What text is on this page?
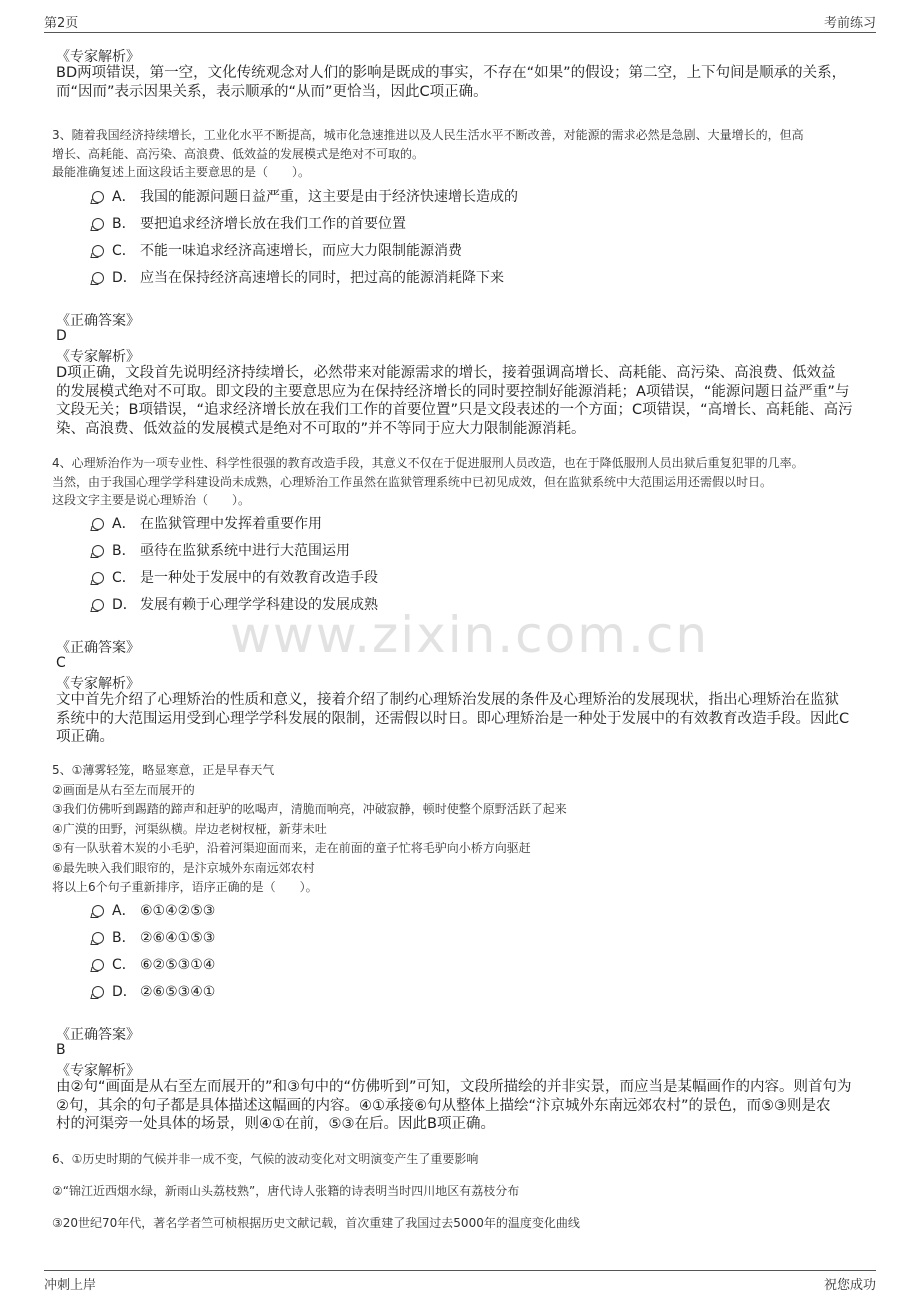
第2页	考前练习
www.zixin.com.cn
《专家解析》
BD两项错误，第一空，文化传统观念对人们的影响是既成的事实，不存在“如果”的假设；第二空，上下句间是顺承的关系，
而“因而”表示因果关系，表示顺承的“从而”更恰当，因此C项正确。
3、随着我国经济持续增长，工业化水平不断提高，城市化急速推进以及人民生活水平不断改善，对能源的需求必然是急剧、大量增长的，但高
增长、高耗能、高污染、高浪费、低效益的发展模式是绝对不可取的。
最能准确复述上面这段话主要意思的是（　　）。
A． 我国的能源问题日益严重，这主要是由于经济快速增长造成的
B． 要把追求经济增长放在我们工作的首要位置
C． 不能一味追求经济高速增长，而应大力限制能源消费
D． 应当在保持经济高速增长的同时，把过高的能源消耗降下来
《正确答案》
D
《专家解析》
D项正确，文段首先说明经济持续增长，必然带来对能源需求的增长，接着强调高增长、高耗能、高污染、高浪费、低效益
的发展模式绝对不可取。即文段的主要意思应为在保持经济增长的同时要控制好能源消耗；A项错误，“能源问题日益严重”与
文段无关；B项错误，“追求经济增长放在我们工作的首要位置”只是文段表述的一个方面；C项错误，“高增长、高耗能、高污
染、高浪费、低效益的发展模式是绝对不可取的”并不等同于应大力限制能源消耗。
4、心理矫治作为一项专业性、科学性很强的教育改造手段，其意义不仅在于促进服刑人员改造，也在于降低服刑人员出狱后重复犯罪的几率。
当然，由于我国心理学学科建设尚未成熟，心理矫治工作虽然在监狱管理系统中已初见成效，但在监狱系统中大范围运用还需假以时日。
这段文字主要是说心理矫治（　　）。
A． 在监狱管理中发挥着重要作用
B． 亟待在监狱系统中进行大范围运用
C． 是一种处于发展中的有效教育改造手段
D． 发展有赖于心理学学科建设的发展成熟
《正确答案》
C
《专家解析》
文中首先介绍了心理矫治的性质和意义，接着介绍了制约心理矫治发展的条件及心理矫治的发展现状，指出心理矫治在监狱
系统中的大范围运用受到心理学学科发展的限制，还需假以时日。即心理矫治是一种处于发展中的有效教育改造手段。因此C
项正确。
5、①薄雾轻笼，略显寒意，正是早春天气
②画面是从右至左而展开的
③我们仿佛听到踢踏的蹄声和赶驴的吆喝声，清脆而响亮，冲破寂静，顿时使整个原野活跃了起来
④广漠的田野，河渠纵横。岸边老树杈桠，新芽未吐
⑤有一队驮着木炭的小毛驴，沿着河渠迎面而来，走在前面的童子忙将毛驴向小桥方向驱赶
⑥最先映入我们眼帘的，是汴京城外东南远郊农村
将以上6个句子重新排序，语序正确的是（　　）。
A． ⑥①④②⑤③
B． ②⑥④①⑤③
C． ⑥②⑤③①④
D． ②⑥⑤③④①
《正确答案》
B
《专家解析》
由②句“画面是从右至左而展开的”和③句中的“仿佛听到”可知，文段所描绘的并非实景，而应当是某幅画作的内容。则首句为
②句，其余的句子都是具体描述这幅画的内容。④①承接⑥句从整体上描绘“汴京城外东南远郊农村”的景色，而⑤③则是农
村的河渠旁一处具体的场景，则④①在前，⑤③在后。因此B项正确。
6、①历史时期的气候并非一成不变，气候的波动变化对文明演变产生了重要影响
②“锦江近西烟水绿，新雨山头荔枝熟”，唐代诗人张籍的诗表明当时四川地区有荔枝分布
③20世纪70年代，著名学者竺可桢根据历史文献记载，首次重建了我国过去5000年的温度变化曲线
冲刺上岸	祝您成功
